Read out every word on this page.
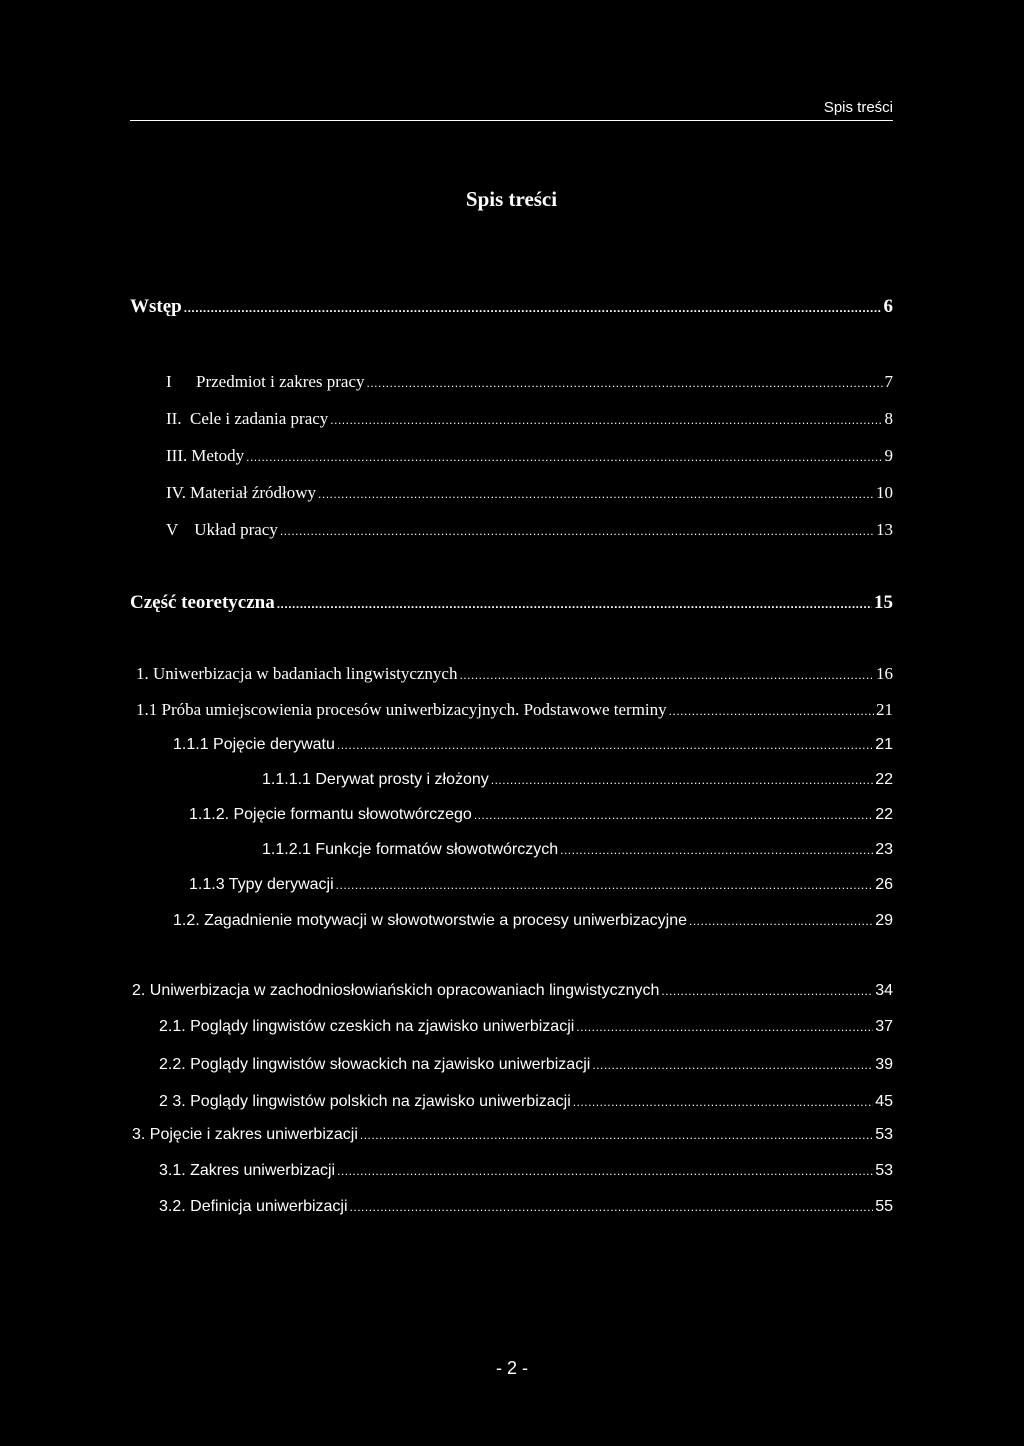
Spis treści
Spis treści
Wstęp .....	6
I Przedmiot i zakres pracy .....	7
II. Cele i zadania pracy .....	8
III. Metody .....	9
IV. Materiał źródłowy .....	10
V Układ pracy .....	13
Część teoretyczna .....	15
1. Uniwerbizacja w badaniach lingwistycznych .....	16
1.1 Próba umiejscowienia procesów uniwerbizacyjnych. Podstawowe terminy .....	21
1.1.1 Pojęcie derywatu .....	21
1.1.1.1 Derywat prosty i złożony .....	22
1.1.2. Pojęcie formantu słowotwórczego .....	22
1.1.2.1 Funkcje formatów słowotwórczych .....	23
1.1.3 Typy derywacji .....	26
1.2. Zagadnienie motywacji w słowotworstwie a procesy uniwerbizacyjne .....	29
2. Uniwerbizacja w zachodniosłowiańskich opracowaniach lingwistycznych .....	34
2.1. Poglądy lingwistów czeskich na zjawisko uniwerbizacji .....	37
2.2. Poglądy lingwistów słowackich na zjawisko uniwerbizacji .....	39
2 3. Poglądy lingwistów polskich na zjawisko uniwerbizacji .....	45
3. Pojęcie i zakres uniwerbizacji .....	53
3.1. Zakres uniwerbizacji .....	53
3.2. Definicja uniwerbizacji .....	55
- 2 -
